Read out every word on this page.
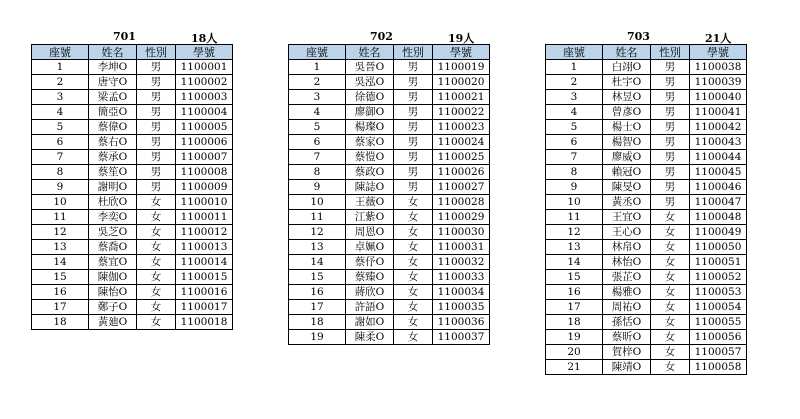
701	18人
座號	姓名	性別	學號
1	李坤O	男	1100001
2	唐守O	男	1100002
3	梁孟O	男	1100003
4	簡亞O	男	1100004
5	蔡偉O	男	1100005
6	蔡右O	男	1100006
7	蔡承O	男	1100007
8	蔡笙O	男	1100008
9	謝明O	男	1100009
10	杜欣O	女	1100010
11	李奕O	女	1100011
12	吳芝O	女	1100012
13	蔡喬O	女	1100013
14	蔡宜O	女	1100014
15	陳伽O	女	1100015
16	陳怡O	女	1100016
17	鄭子O	女	1100017
18	黃廸O	女	1100018
702	19人
座號	姓名	性別	學號
1	吳晉O	男	1100019
2	吳泓O	男	1100020
3	徐德O	男	1100021
4	廖御O	男	1100022
5	楊璨O	男	1100023
6	蔡家O	男	1100024
7	蔡愷O	男	1100025
8	蔡政O	男	1100026
9	陳誌O	男	1100027
10	王薇O	女	1100028
11	江紫O	女	1100029
12	周恩O	女	1100030
13	卓姵O	女	1100031
14	蔡伃O	女	1100032
15	蔡臻O	女	1100033
16	蔣欣O	女	1100034
17	許語O	女	1100035
18	謝如O	女	1100036
19	陳柔O	女	1100037
703	21人
座號	姓名	性別	學號
1	白翊O	男	1100038
2	杜宇O	男	1100039
3	林昱O	男	1100040
4	曾彥O	男	1100041
5	楊士O	男	1100042
6	楊智O	男	1100043
7	廖威O	男	1100044
8	賴冠O	男	1100045
9	陳旻O	男	1100046
10	黃丞O	男	1100047
11	王宜O	女	1100048
12	王心O	女	1100049
13	林帛O	女	1100050
14	林怡O	女	1100051
15	張芷O	女	1100052
16	楊雅O	女	1100053
17	周祐O	女	1100054
18	孫恬O	女	1100055
19	蔡昕O	女	1100056
20	賀梓O	女	1100057
21	陳靖O	女	1100058
